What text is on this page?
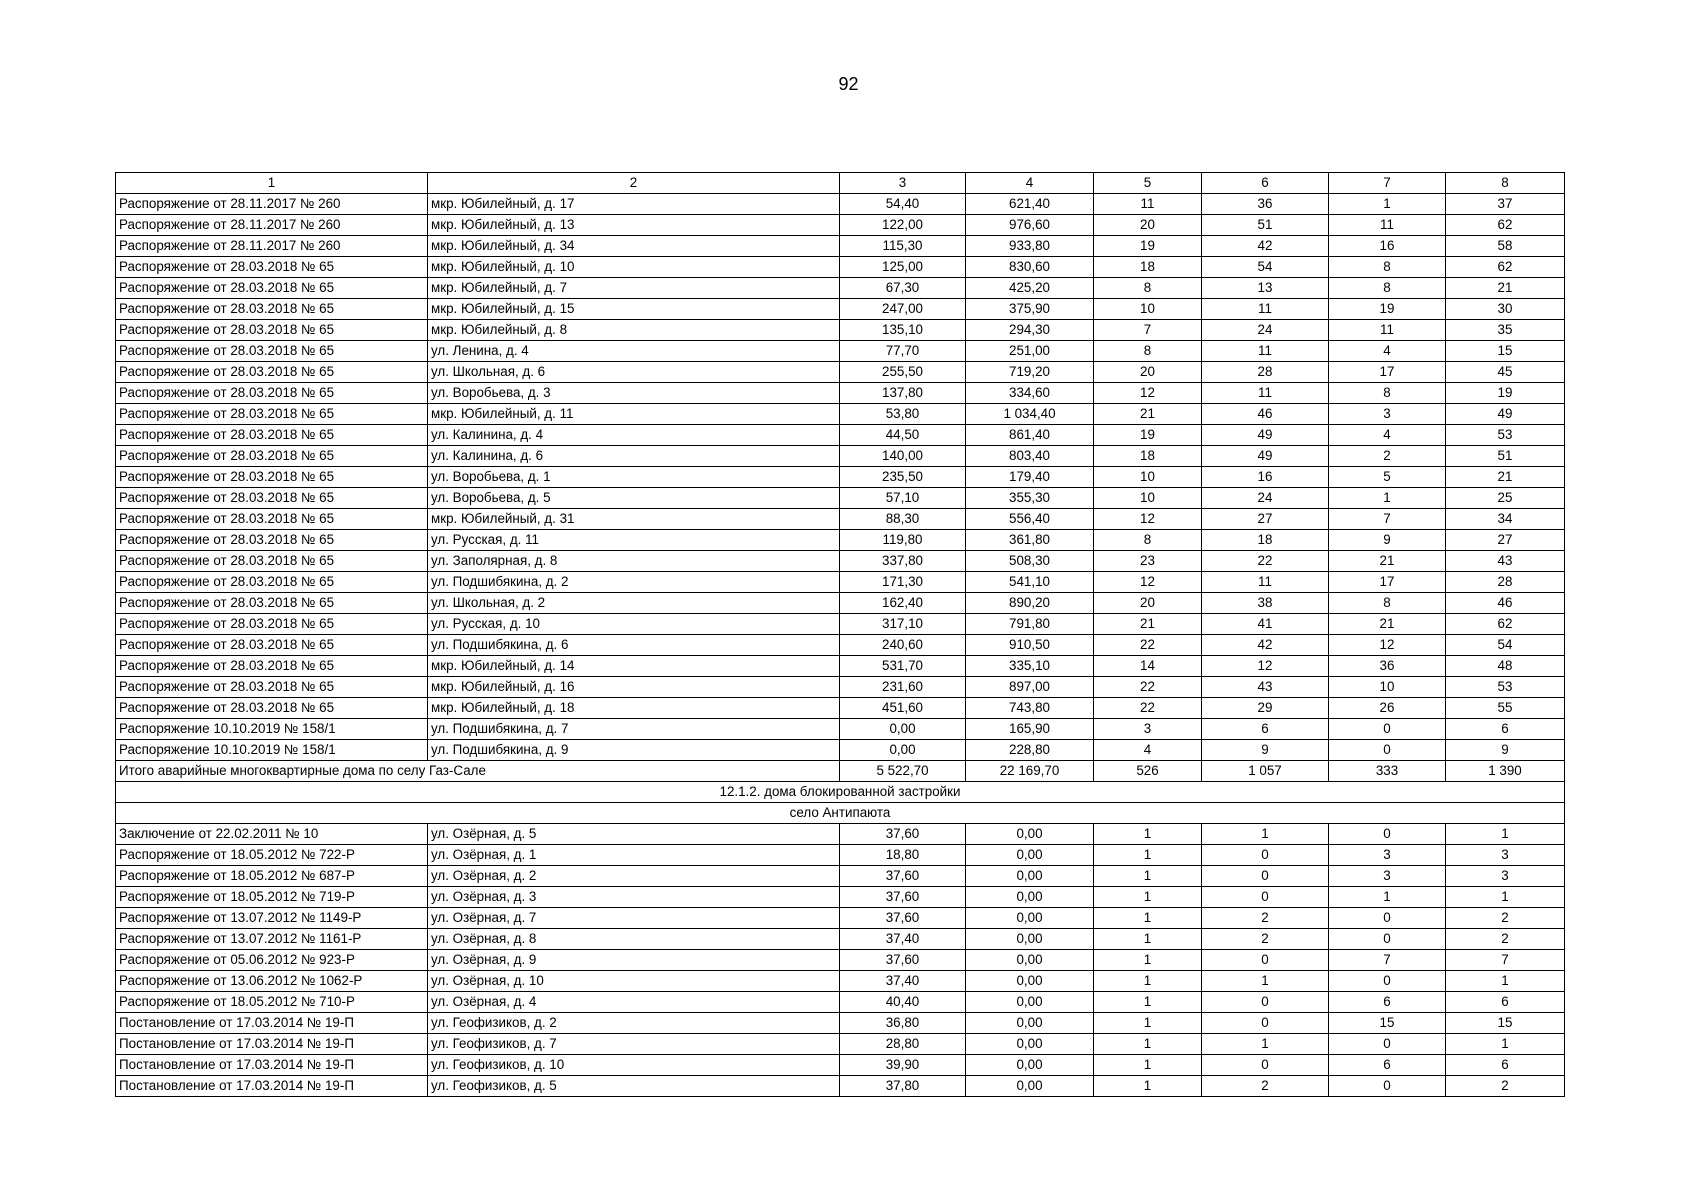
92
1	2	3	4	5	6	7	8
Распоряжение от 28.11.2017 № 260	мкр. Юбилейный, д. 17	54,40	621,40	11	36	1	37
Распоряжение от 28.11.2017 № 260	мкр. Юбилейный, д. 13	122,00	976,60	20	51	11	62
Распоряжение от 28.11.2017 № 260	мкр. Юбилейный, д. 34	115,30	933,80	19	42	16	58
Распоряжение от 28.03.2018 № 65	мкр. Юбилейный, д. 10	125,00	830,60	18	54	8	62
Распоряжение от 28.03.2018 № 65	мкр. Юбилейный, д. 7	67,30	425,20	8	13	8	21
Распоряжение от 28.03.2018 № 65	мкр. Юбилейный, д. 15	247,00	375,90	10	11	19	30
Распоряжение от 28.03.2018 № 65	мкр. Юбилейный, д. 8	135,10	294,30	7	24	11	35
Распоряжение от 28.03.2018 № 65	ул. Ленина, д. 4	77,70	251,00	8	11	4	15
Распоряжение от 28.03.2018 № 65	ул. Школьная, д. 6	255,50	719,20	20	28	17	45
Распоряжение от 28.03.2018 № 65	ул. Воробьева, д. 3	137,80	334,60	12	11	8	19
Распоряжение от 28.03.2018 № 65	мкр. Юбилейный, д. 11	53,80	1 034,40	21	46	3	49
Распоряжение от 28.03.2018 № 65	ул. Калинина, д. 4	44,50	861,40	19	49	4	53
Распоряжение от 28.03.2018 № 65	ул. Калинина, д. 6	140,00	803,40	18	49	2	51
Распоряжение от 28.03.2018 № 65	ул. Воробьева, д. 1	235,50	179,40	10	16	5	21
Распоряжение от 28.03.2018 № 65	ул. Воробьева, д. 5	57,10	355,30	10	24	1	25
Распоряжение от 28.03.2018 № 65	мкр. Юбилейный, д. 31	88,30	556,40	12	27	7	34
Распоряжение от 28.03.2018 № 65	ул. Русская, д. 11	119,80	361,80	8	18	9	27
Распоряжение от 28.03.2018 № 65	ул. Заполярная, д. 8	337,80	508,30	23	22	21	43
Распоряжение от 28.03.2018 № 65	ул. Подшибякина, д. 2	171,30	541,10	12	11	17	28
Распоряжение от 28.03.2018 № 65	ул. Школьная, д. 2	162,40	890,20	20	38	8	46
Распоряжение от 28.03.2018 № 65	ул. Русская, д. 10	317,10	791,80	21	41	21	62
Распоряжение от 28.03.2018 № 65	ул. Подшибякина, д. 6	240,60	910,50	22	42	12	54
Распоряжение от 28.03.2018 № 65	мкр. Юбилейный, д. 14	531,70	335,10	14	12	36	48
Распоряжение от 28.03.2018 № 65	мкр. Юбилейный, д. 16	231,60	897,00	22	43	10	53
Распоряжение от 28.03.2018 № 65	мкр. Юбилейный, д. 18	451,60	743,80	22	29	26	55
Распоряжение 10.10.2019 № 158/1	ул. Подшибякина, д. 7	0,00	165,90	3	6	0	6
Распоряжение 10.10.2019 № 158/1	ул. Подшибякина, д. 9	0,00	228,80	4	9	0	9
Итого аварийные многоквартирные дома по селу Газ-Сале		5 522,70	22 169,70	526	1 057	333	1 390
12.1.2. дома блокированной застройки							
село Антипаюта							
Заключение от 22.02.2011 № 10	ул. Озёрная, д. 5	37,60	0,00	1	1	0	1
Распоряжение от 18.05.2012 № 722-Р	ул. Озёрная, д. 1	18,80	0,00	1	0	3	3
Распоряжение от 18.05.2012 № 687-Р	ул. Озёрная, д. 2	37,60	0,00	1	0	3	3
Распоряжение от 18.05.2012 № 719-Р	ул. Озёрная, д. 3	37,60	0,00	1	0	1	1
Распоряжение от 13.07.2012 № 1149-Р	ул. Озёрная, д. 7	37,60	0,00	1	2	0	2
Распоряжение от 13.07.2012 № 1161-Р	ул. Озёрная, д. 8	37,40	0,00	1	2	0	2
Распоряжение от 05.06.2012 № 923-Р	ул. Озёрная, д. 9	37,60	0,00	1	0	7	7
Распоряжение от 13.06.2012 № 1062-Р	ул. Озёрная, д. 10	37,40	0,00	1	1	0	1
Распоряжение от 18.05.2012 № 710-Р	ул. Озёрная, д. 4	40,40	0,00	1	0	6	6
Постановление от 17.03.2014 № 19-П	ул. Геофизиков, д. 2	36,80	0,00	1	0	15	15
Постановление от 17.03.2014 № 19-П	ул. Геофизиков, д. 7	28,80	0,00	1	1	0	1
Постановление от 17.03.2014 № 19-П	ул. Геофизиков, д. 10	39,90	0,00	1	0	6	6
Постановление от 17.03.2014 № 19-П	ул. Геофизиков, д. 5	37,80	0,00	1	2	0	2
